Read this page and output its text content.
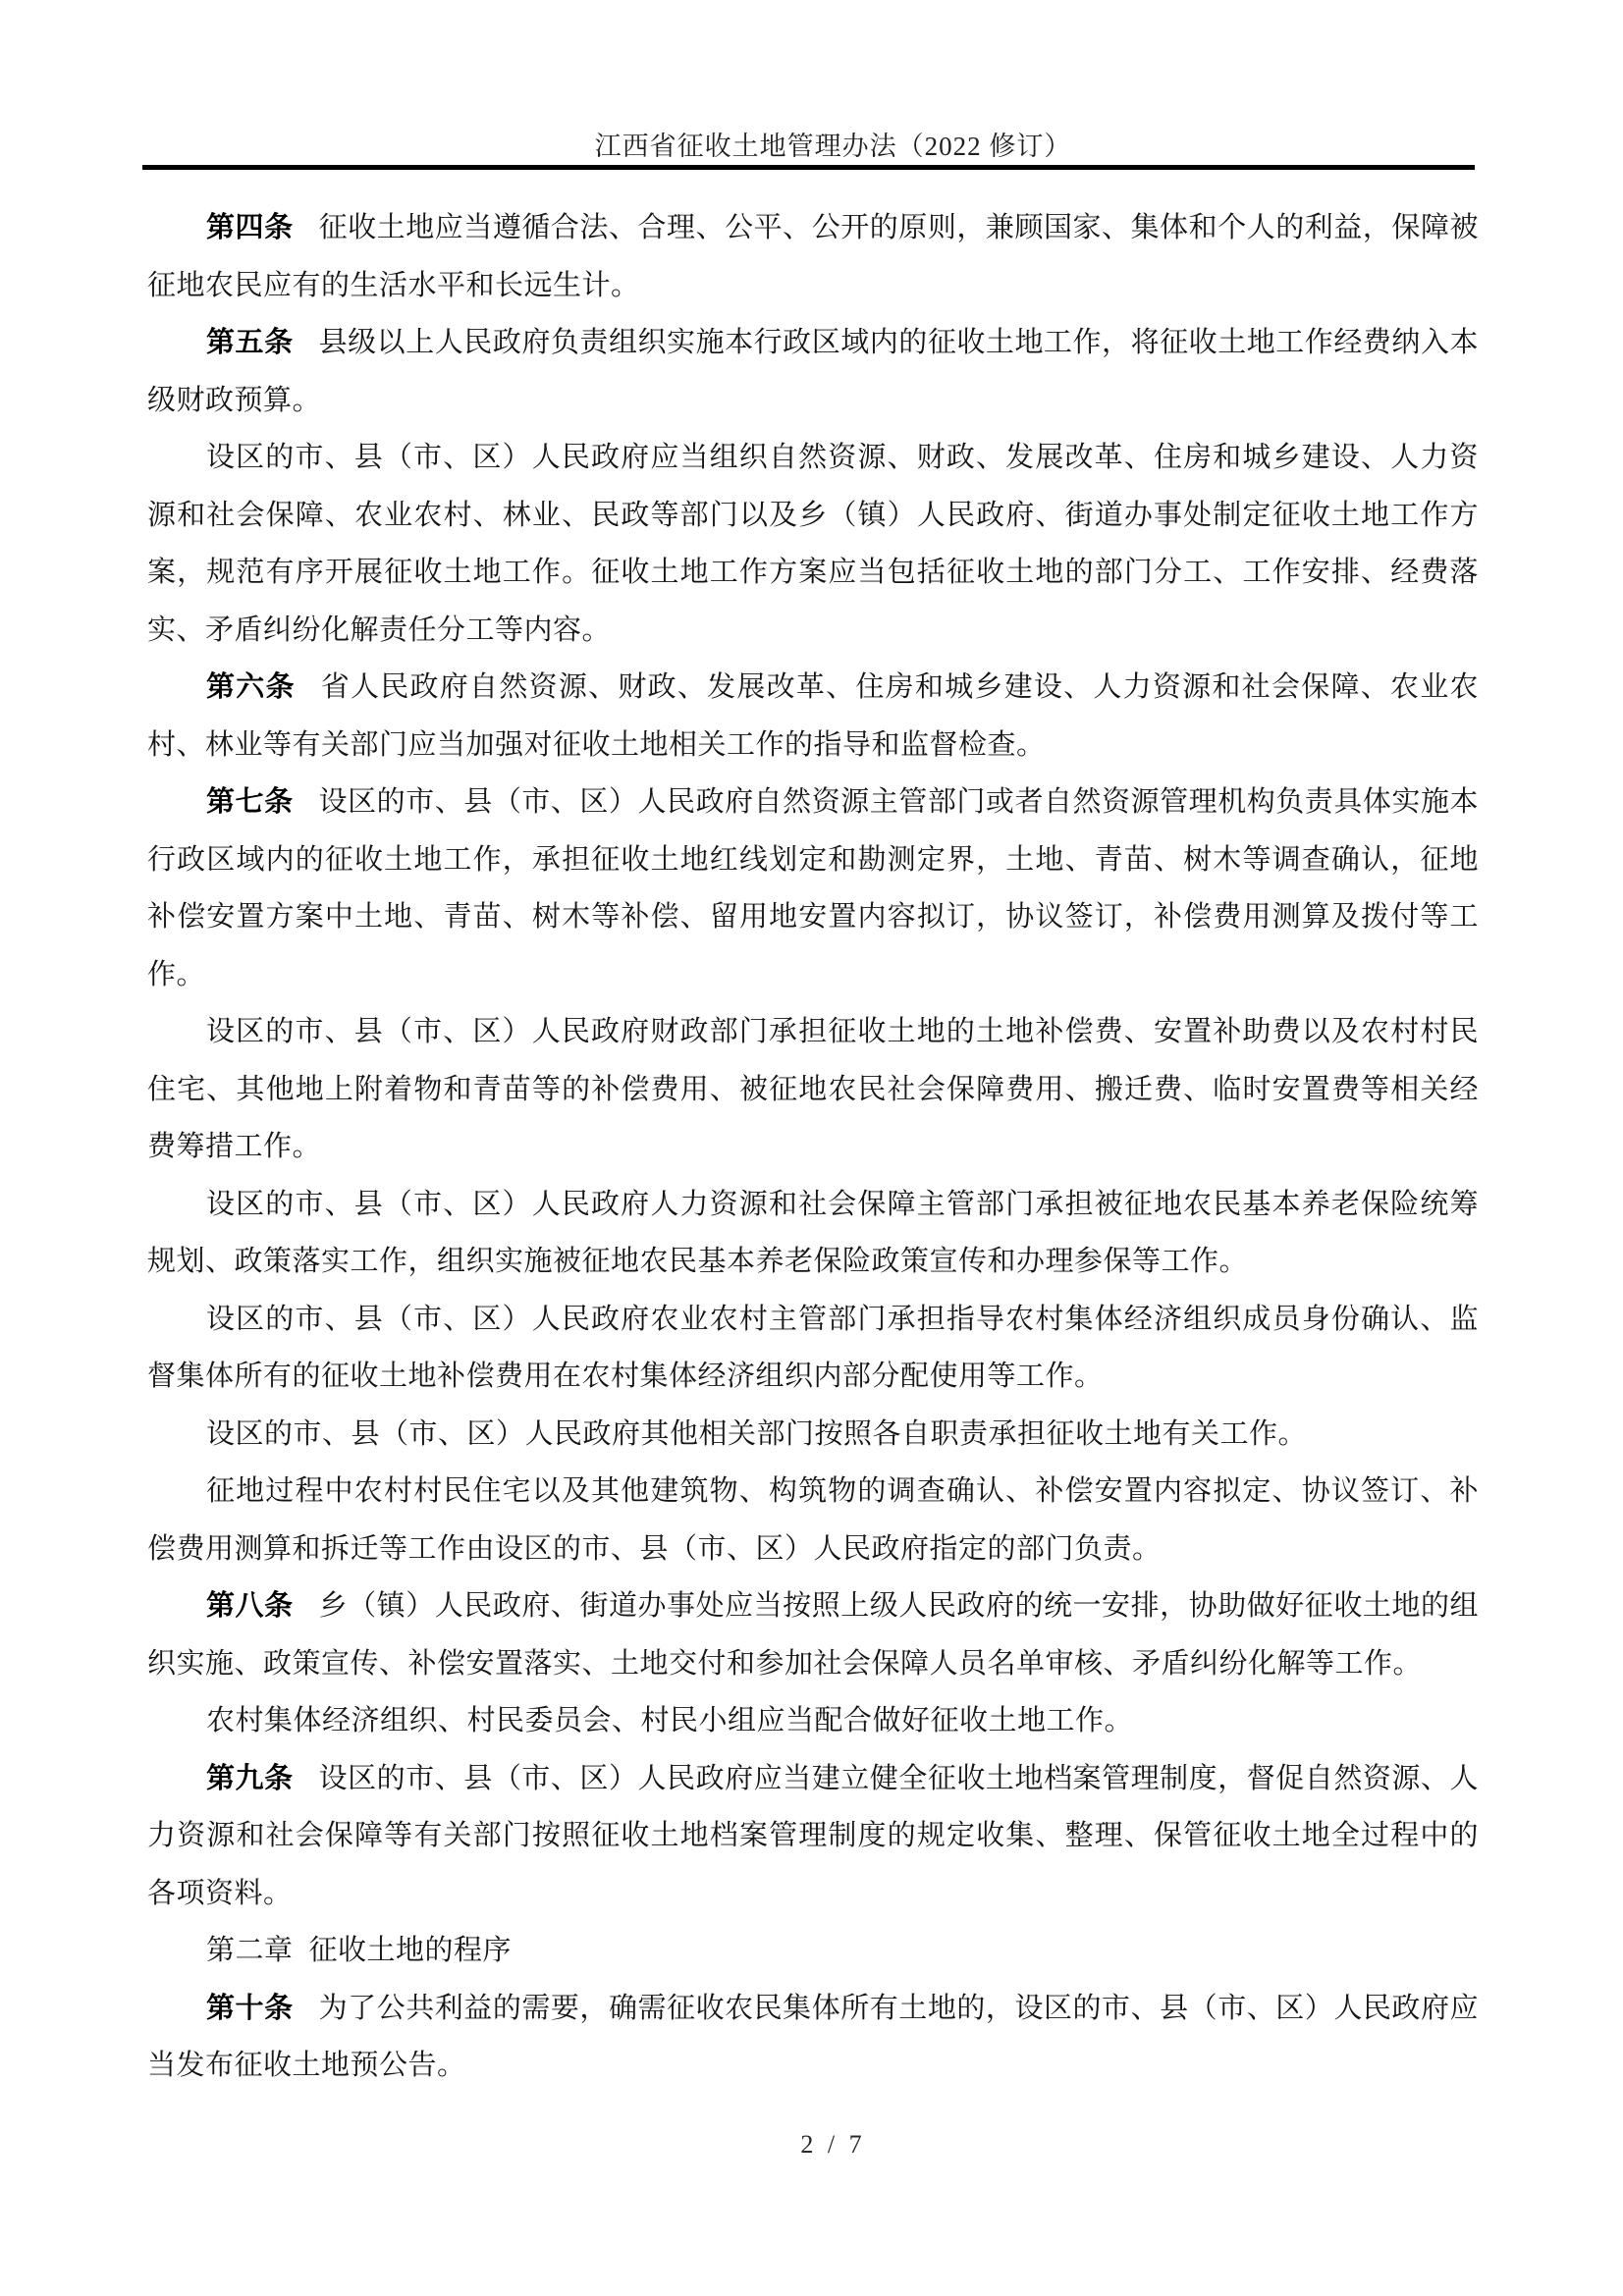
江西省征收土地管理办法（2022 修订）

第四条 征收土地应当遵循合法、合理、公平、公开的原则，兼顾国家、集体和个人的利益，保障被征地农民应有的生活水平和长远生计。

第五条 县级以上人民政府负责组织实施本行政区域内的征收土地工作，将征收土地工作经费纳入本级财政预算。

设区的市、县（市、区）人民政府应当组织自然资源、财政、发展改革、住房和城乡建设、人力资源和社会保障、农业农村、林业、民政等部门以及乡（镇）人民政府、街道办事处制定征收土地工作方案，规范有序开展征收土地工作。征收土地工作方案应当包括征收土地的部门分工、工作安排、经费落实、矛盾纠纷化解责任分工等内容。

第六条 省人民政府自然资源、财政、发展改革、住房和城乡建设、人力资源和社会保障、农业农村、林业等有关部门应当加强对征收土地相关工作的指导和监督检查。

第七条 设区的市、县（市、区）人民政府自然资源主管部门或者自然资源管理机构负责具体实施本行政区域内的征收土地工作，承担征收土地红线划定和勘测定界，土地、青苗、树木等调查确认，征地补偿安置方案中土地、青苗、树木等补偿、留用地安置内容拟订，协议签订，补偿费用测算及拨付等工作。

设区的市、县（市、区）人民政府财政部门承担征收土地的土地补偿费、安置补助费以及农村村民住宅、其他地上附着物和青苗等的补偿费用、被征地农民社会保障费用、搬迁费、临时安置费等相关经费筹措工作。

设区的市、县（市、区）人民政府人力资源和社会保障主管部门承担被征地农民基本养老保险统筹规划、政策落实工作，组织实施被征地农民基本养老保险政策宣传和办理参保等工作。

设区的市、县（市、区）人民政府农业农村主管部门承担指导农村集体经济组织成员身份确认、监督集体所有的征收土地补偿费用在农村集体经济组织内部分配使用等工作。

设区的市、县（市、区）人民政府其他相关部门按照各自职责承担征收土地有关工作。

征地过程中农村村民住宅以及其他建筑物、构筑物的调查确认、补偿安置内容拟定、协议签订、补偿费用测算和拆迁等工作由设区的市、县（市、区）人民政府指定的部门负责。

第八条 乡（镇）人民政府、街道办事处应当按照上级人民政府的统一安排，协助做好征收土地的组织实施、政策宣传、补偿安置落实、土地交付和参加社会保障人员名单审核、矛盾纠纷化解等工作。

农村集体经济组织、村民委员会、村民小组应当配合做好征收土地工作。

第九条 设区的市、县（市、区）人民政府应当建立健全征收土地档案管理制度，督促自然资源、人力资源和社会保障等有关部门按照征收土地档案管理制度的规定收集、整理、保管征收土地全过程中的各项资料。

第二章 征收土地的程序

第十条 为了公共利益的需要，确需征收农民集体所有土地的，设区的市、县（市、区）人民政府应当发布征收土地预公告。

2 / 7
